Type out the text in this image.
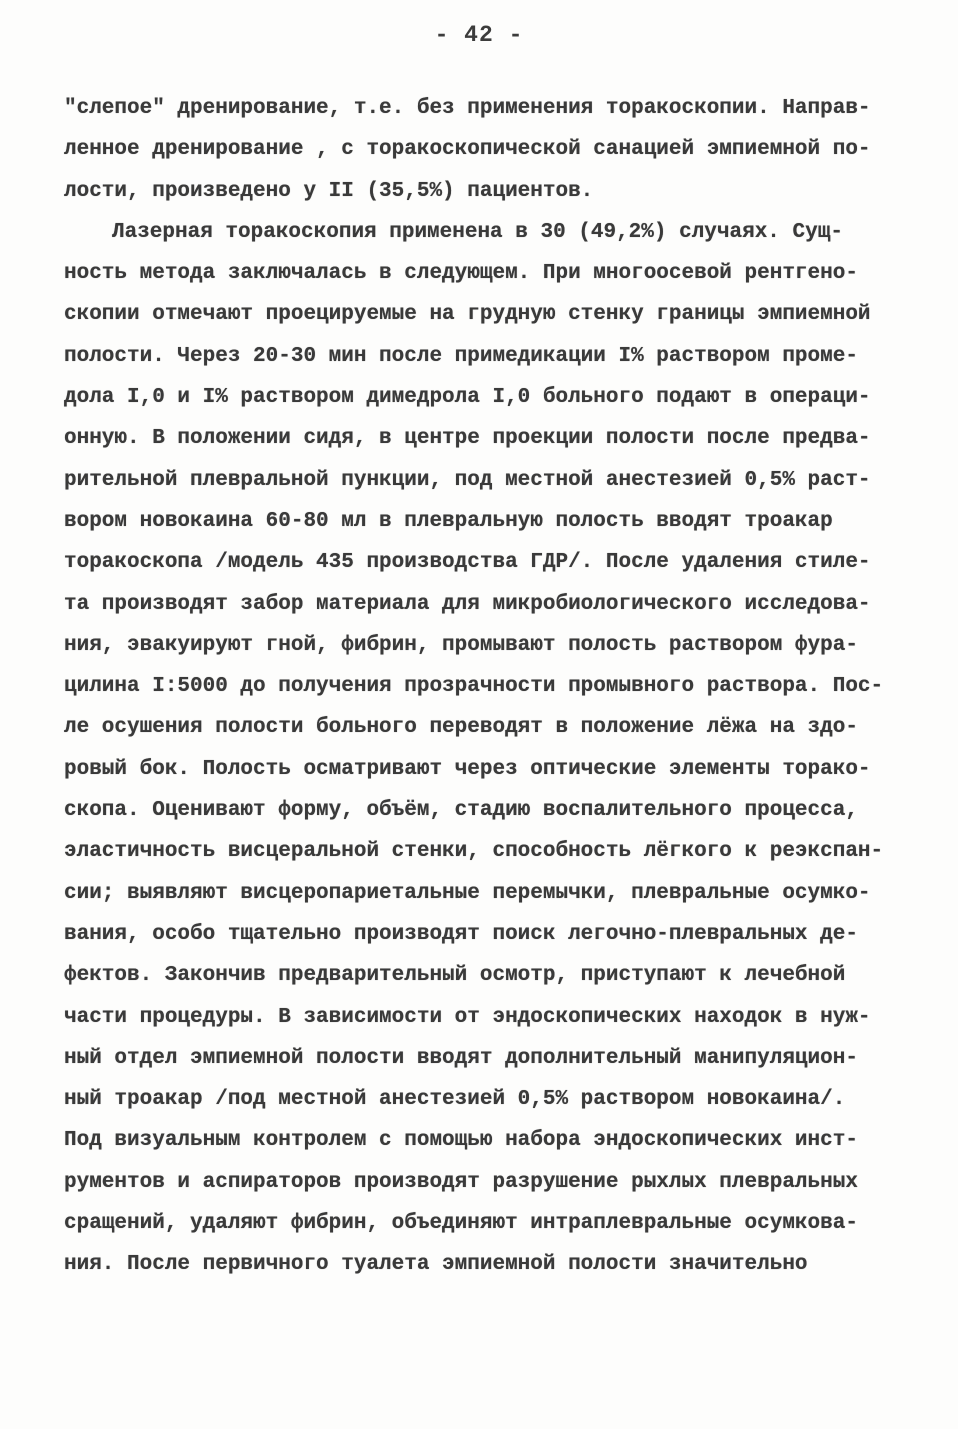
- 42 -
"слепое" дренирование, т.е. без применения торакоскопии. Направ-
ленное дренирование , с торакоскопической санацией эмпиемной по-
лости, произведено у II (35,5%) пациентов.
Лазерная торакоскопия применена в 30 (49,2%) случаях. Сущ-
ность метода заключалась в следующем. При многоосевой рентгено-
скопии отмечают проецируемые на грудную стенку границы эмпиемной
полости. Через 20-30 мин после примедикации I% раствором проме-
дола I,0 и I% раствором димедрола I,0 больного подают в операци-
онную. В положении сидя, в центре проекции полости после предва-
рительной плевральной пункции, под местной анестезией 0,5% раст-
вором новокаина 60-80 мл в плевральную полость вводят троакар
торакоскопа /модель 435 производства ГДР/. После удаления стиле-
та производят забор материала для микробиологического исследова-
ния, эвакуируют гной, фибрин, промывают полость раствором фура-
цилина I:5000 до получения прозрачности промывного раствора. Пос-
ле осушения полости больного переводят в положение лёжа на здо-
ровый бок. Полость осматривают через оптические элементы торако-
скопа. Оценивают форму, объём, стадию воспалительного процесса,
эластичность висцеральной стенки, способность лёгкого к реэкспан-
сии; выявляют висцеропариетальные перемычки, плевральные осумко-
вания, особо тщательно производят поиск легочно-плевральных де-
фектов. Закончив предварительный осмотр, приступают к лечебной
части процедуры. В зависимости от эндоскопических находок в нуж-
ный отдел эмпиемной полости вводят дополнительный манипуляцион-
ный троакар /под местной анестезией 0,5% раствором новокаина/.
Под визуальным контролем с помощью набора эндоскопических инст-
рументов и аспираторов производят разрушение рыхлых плевральных
сращений, удаляют фибрин, объединяют интраплевральные осумкова-
ния. После первичного туалета эмпиемной полости значительно
